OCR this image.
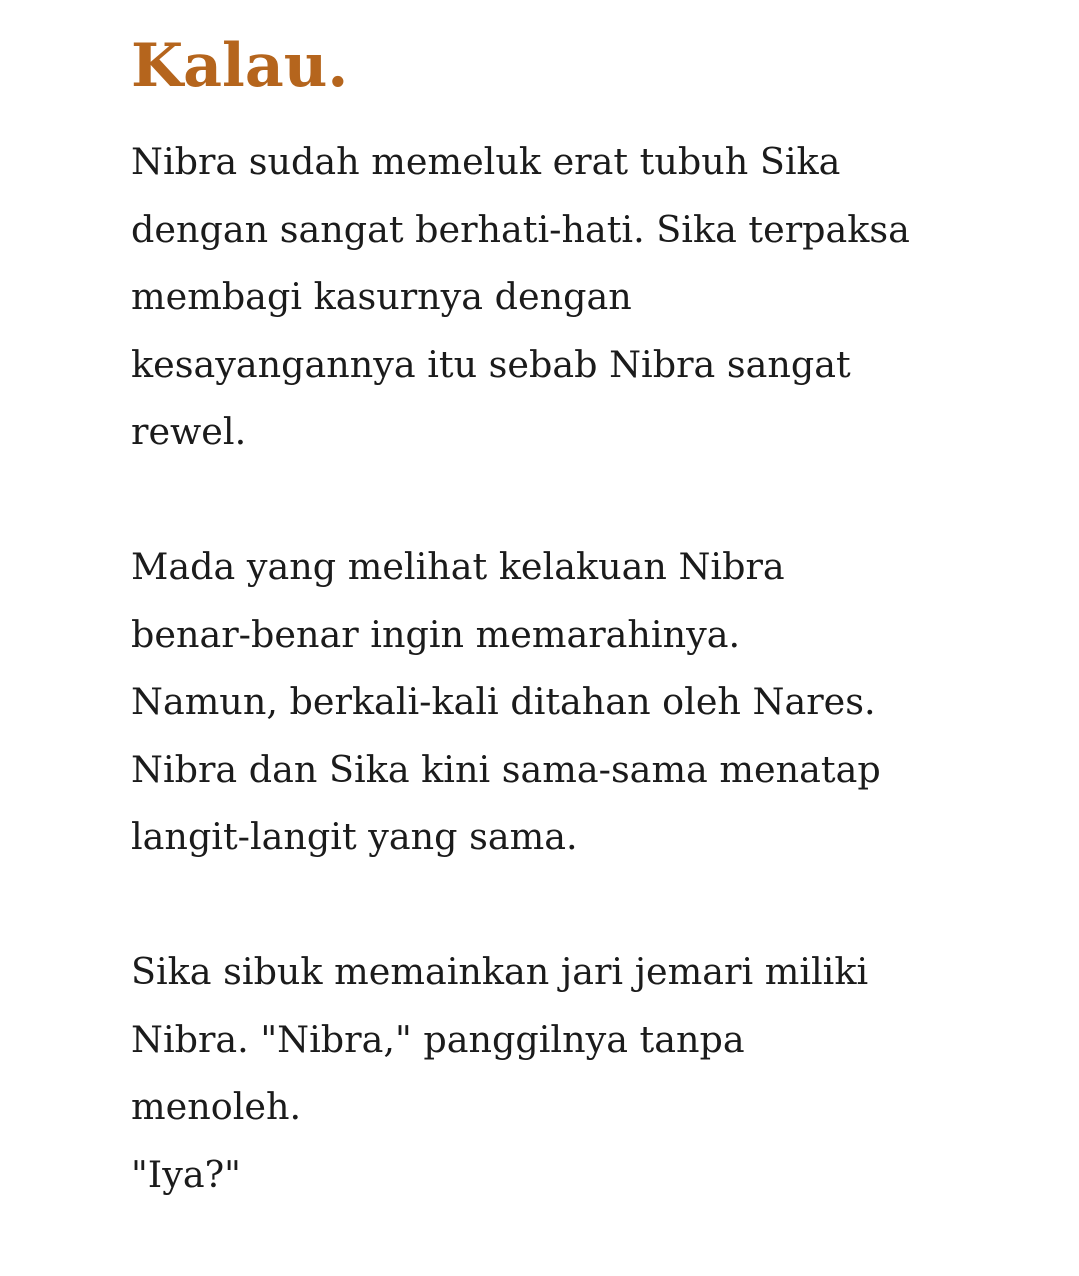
Kalau.

Nibra sudah memeluk erat tubuh Sika
dengan sangat berhati-hati. Sika terpaksa
membagi kasurnya dengan
kesayangannya itu sebab Nibra sangat
rewel.

Mada yang melihat kelakuan Nibra
benar-benar ingin memarahinya.
Namun, berkali-kali ditahan oleh Nares.
Nibra dan Sika kini sama-sama menatap
langit-langit yang sama.

Sika sibuk memainkan jari jemari miliki
Nibra. "Nibra," panggilnya tanpa
menoleh.
"Iya?"
